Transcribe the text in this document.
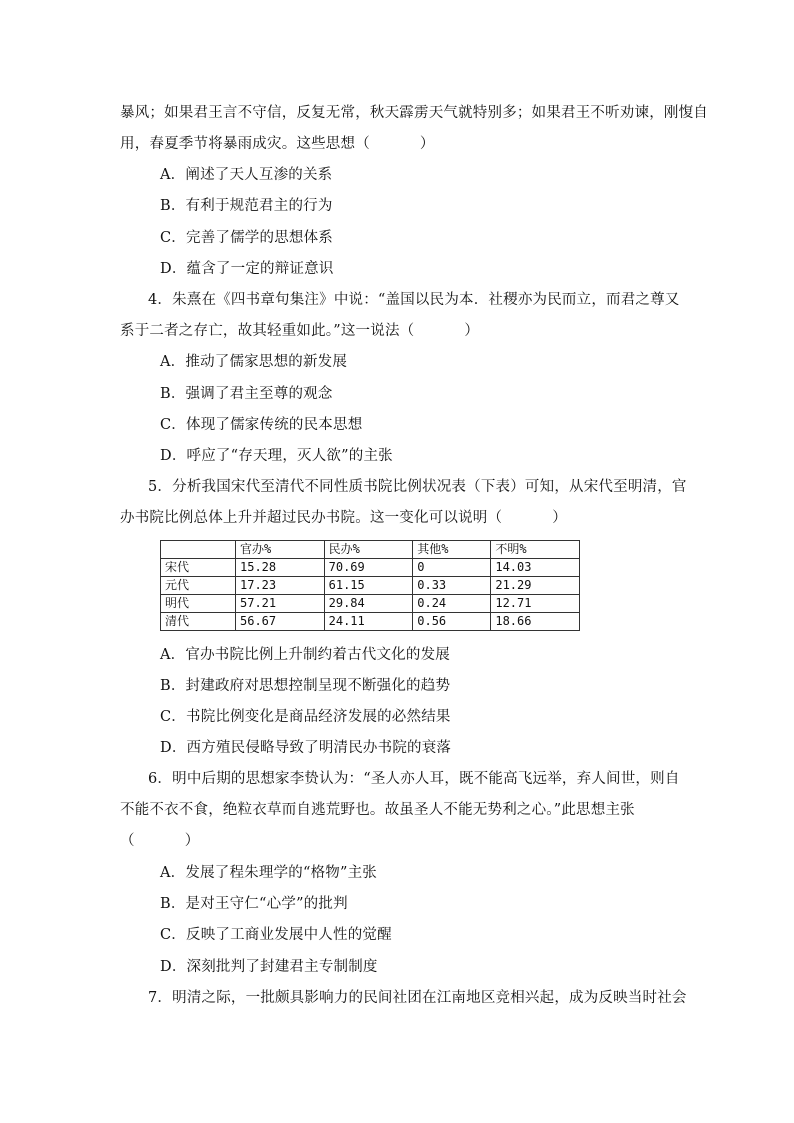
暴风；如果君王言不守信，反复无常，秋天霹雳天气就特别多；如果君王不听劝谏，刚愎自
用，春夏季节将暴雨成灾。这些思想（	）
A．阐述了天人互渗的关系
B．有利于规范君主的行为
C．完善了儒学的思想体系
D．蕴含了一定的辩证意识
4．朱熹在《四书章句集注》中说：“盖国以民为本．社稷亦为民而立，而君之尊又
系于二者之存亡，故其轻重如此。”这一说法（	）
A．推动了儒家思想的新发展
B．强调了君主至尊的观念
C．体现了儒家传统的民本思想
D．呼应了“存天理，灭人欲”的主张
5．分析我国宋代至清代不同性质书院比例状况表（下表）可知，从宋代至明清，官
办书院比例总体上升并超过民办书院。这一变化可以说明（	）
	官办%	民办%	其他%	不明%
宋代	15.28	70.69	0	14.03
元代	17.23	61.15	0.33	21.29
明代	57.21	29.84	0.24	12.71
清代	56.67	24.11	0.56	18.66
A．官办书院比例上升制约着古代文化的发展
B．封建政府对思想控制呈现不断强化的趋势
C．书院比例变化是商品经济发展的必然结果
D．西方殖民侵略导致了明清民办书院的衰落
6．明中后期的思想家李贽认为：“圣人亦人耳，既不能高飞远举，弃人间世，则自
不能不衣不食，绝粒衣草而自逃荒野也。故虽圣人不能无势利之心。”此思想主张
（	）
A．发展了程朱理学的“格物”主张
B．是对王守仁“心学”的批判
C．反映了工商业发展中人性的觉醒
D．深刻批判了封建君主专制制度
7．明清之际，一批颇具影响力的民间社团在江南地区竞相兴起，成为反映当时社会
